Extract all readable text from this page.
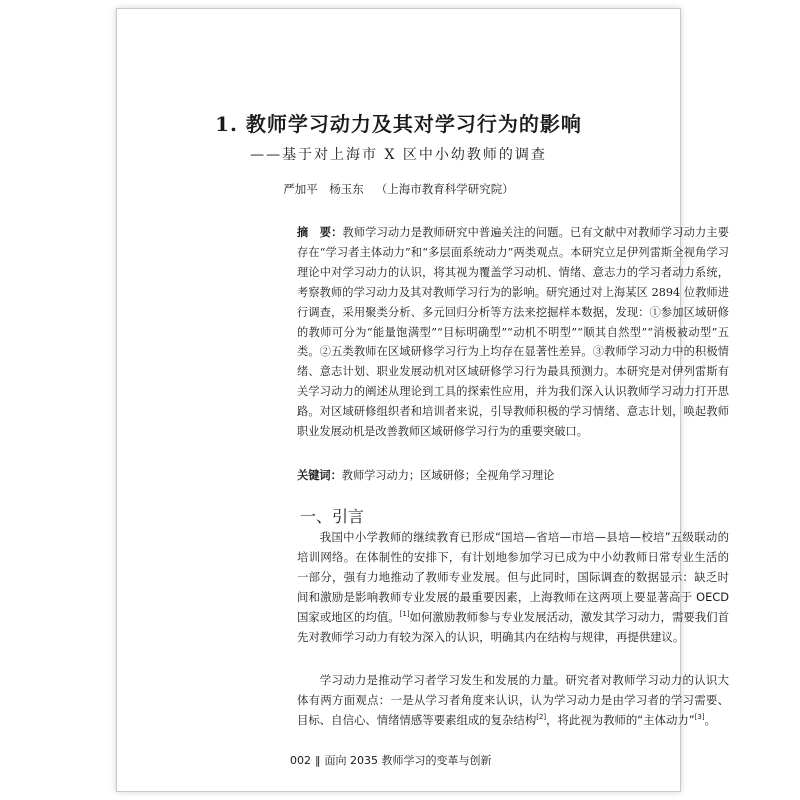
1. 教师学习动力及其对学习行为的影响

——基于对上海市 X 区中小幼教师的调查

严加平　杨玉东 （上海市教育科学研究院）

摘　要：教师学习动力是教师研究中普遍关注的问题。已有文献中对教师学习动力主要存在“学习者主体动力”和“多层面系统动力”两类观点。本研究立足伊列雷斯全视角学习理论中对学习动力的认识，将其视为覆盖学习动机、情绪、意志力的学习者动力系统，考察教师的学习动力及其对教师学习行为的影响。研究通过对上海某区 2894 位教师进行调查，采用聚类分析、多元回归分析等方法来挖掘样本数据，发现：①参加区域研修的教师可分为“能量饱满型”“目标明确型”“动机不明型”“顺其自然型”“消极被动型”五类。②五类教师在区域研修学习行为上均存在显著性差异。③教师学习动力中的积极情绪、意志计划、职业发展动机对区域研修学习行为最具预测力。本研究是对伊列雷斯有关学习动力的阐述从理论到工具的探索性应用，并为我们深入认识教师学习动力打开思路。对区域研修组织者和培训者来说，引导教师积极的学习情绪、意志计划，唤起教师职业发展动机是改善教师区域研修学习行为的重要突破口。

关键词：教师学习动力；区域研修；全视角学习理论

一、引言

我国中小学教师的继续教育已形成“国培—省培—市培—县培—校培”五级联动的培训网络。在体制性的安排下，有计划地参加学习已成为中小幼教师日常专业生活的一部分，强有力地推动了教师专业发展。但与此同时，国际调查的数据显示：缺乏时间和激励是影响教师专业发展的最重要因素，上海教师在这两项上要显著高于 OECD 国家或地区的均值。[1]如何激励教师参与专业发展活动，激发其学习动力，需要我们首先对教师学习动力有较为深入的认识，明确其内在结构与规律，再提供建议。

学习动力是推动学习者学习发生和发展的力量。研究者对教师学习动力的认识大体有两方面观点：一是从学习者角度来认识，认为学习动力是由学习者的学习需要、目标、自信心、情绪情感等要素组成的复杂结构[2]，将此视为教师的“主体动力”[3]。

002 ‖ 面向 2035 教师学习的变革与创新
